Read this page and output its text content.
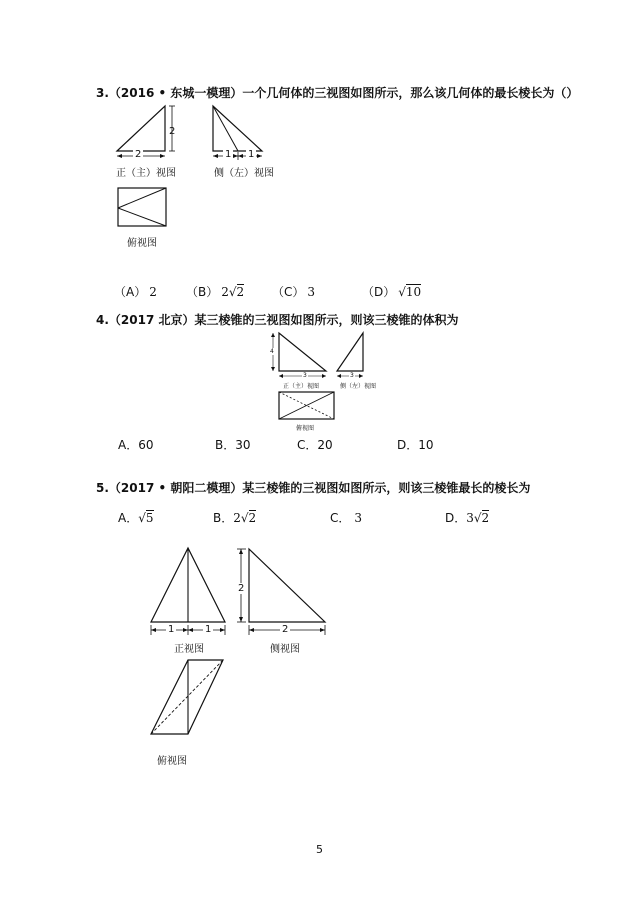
3.（2016 • 东城一模理）一个几何体的三视图如图所示，那么该几何体的最长棱长为（）
2
2
正（主）视图
1 1
侧（左）视图
俯视图
（A） 2 （B） 2√2 （C） 3	（D） √10
4.（2017 北京）某三棱锥的三视图如图所示，则该三棱锥的体积为
4
3
正（主）视图
3
侧（左）视图
俯视图
A．60	B．30	C．20	D．10
5.（2017 • 朝阳二模理）某三棱锥的三视图如图所示，则该三棱锥最长的棱长为
A．√5	B．2√2	C． 3	D．3√2
1	1
正视图
2
2
侧视图
俯视图
5
